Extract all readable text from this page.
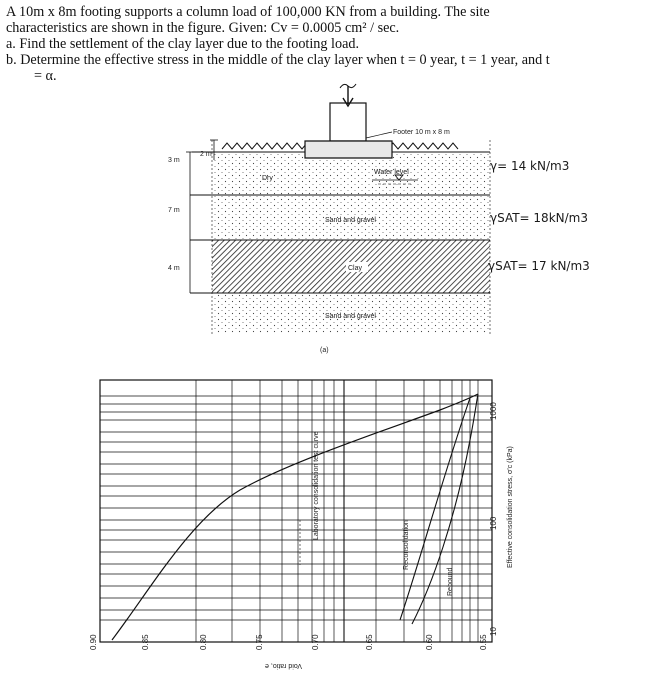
A 10m x 8m footing supports a column load of 100,000 KN from a building. The site

characteristics are shown in the figure. Given: Cv = 0.0005 cm² / sec.

a. Find the settlement of the clay layer due to the footing load.

b. Determine the effective stress in the middle of the clay layer when t = 0 year, t = 1 year, and t

= α.

Footer 10 m x 8 m
2 m
3 m
7 m
4 m
Dry
Water level
Sand and gravel
Clay
Sand and gravel
(a)
γ= 14 kN/m3
γSAT= 18kN/m3
γSAT= 17 kN/m3
Laboratory consolidation test curve
Reconsolidation
Rebound
0.90	0.85	0.80	0.75	0.70	0.65	0.60	0.55
10
100
1000
Effective consolidation stress, σ'c (kPa)
Void ratio, e
